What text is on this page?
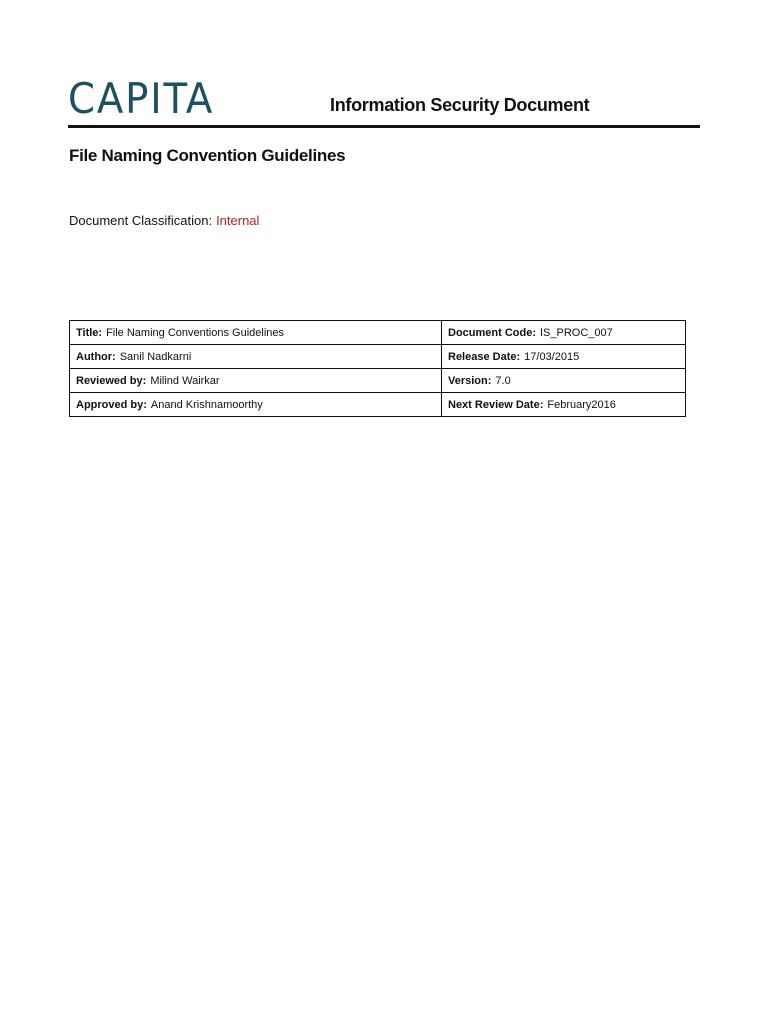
CAPITA	Information Security Document
File Naming Convention Guidelines
Document Classification: Internal
Title: File Naming Conventions Guidelines	Document Code: IS_PROC_007
Author: Sanil Nadkarni	Release Date: 17/03/2015
Reviewed by: Milind Wairkar	Version: 7.0
Approved by: Anand Krishnamoorthy	Next Review Date: February2016
